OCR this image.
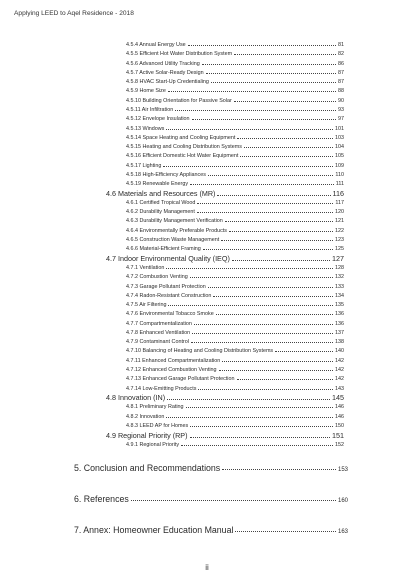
Applying LEED to Aqel Residence - 2018
4.5.4 Annual Energy Use	81
4.5.5 Efficient Hot Water Distribution System	82
4.5.6 Advanced Utility Tracking	86
4.5.7 Active Solar-Ready Design	87
4.5.8 HVAC Start-Up Credentialing	87
4.5.9 Home Size	88
4.5.10 Building Orientation for Passive Solar	90
4.5.11 Air Infiltration	93
4.5.12 Envelope Insulation	97
4.5.13 Windows	101
4.5.14 Space Heating and Cooling Equipment	103
4.5.15 Heating and Cooling Distribution Systems	104
4.5.16 Efficient Domestic Hot Water Equipment	105
4.5.17 Lighting	109
4.5.18 High-Efficiency Appliances	110
4.5.19 Renewable Energy	111
4.6 Materials and Resources (MR)	116
4.6.1 Certified Tropical Wood	117
4.6.2 Durability Management	120
4.6.3 Durability Management Verification	121
4.6.4 Environmentally Preferable Products	122
4.6.5 Construction Waste Management	123
4.6.6 Material-Efficient Framing	125
4.7 Indoor Environmental Quality (IEQ)	127
4.7.1 Ventilation	128
4.7.2 Combustion Venting	132
4.7.3 Garage Pollutant Protection	133
4.7.4 Radon-Resistant Construction	134
4.7.5 Air Filtering	135
4.7.6 Environmental Tobacco Smoke	136
4.7.7 Compartmentalization	136
4.7.8 Enhanced Ventilation	137
4.7.9 Contaminant Control	138
4.7.10 Balancing of Heating and Cooling Distribution Systems	140
4.7.11 Enhanced Compartmentalization	142
4.7.12 Enhanced Combustion Venting	142
4.7.13 Enhanced Garage Pollutant Protection	142
4.7.14 Low-Emitting Products	143
4.8 Innovation (IN)	145
4.8.1 Preliminary Rating	146
4.8.2 Innovation	146
4.8.3 LEED AP for Homes	150
4.9 Regional Priority (RP)	151
4.9.1 Regional Priority	152
5. Conclusion and Recommendations	153
6. References	160
7. Annex: Homeowner Education Manual	163
ii
